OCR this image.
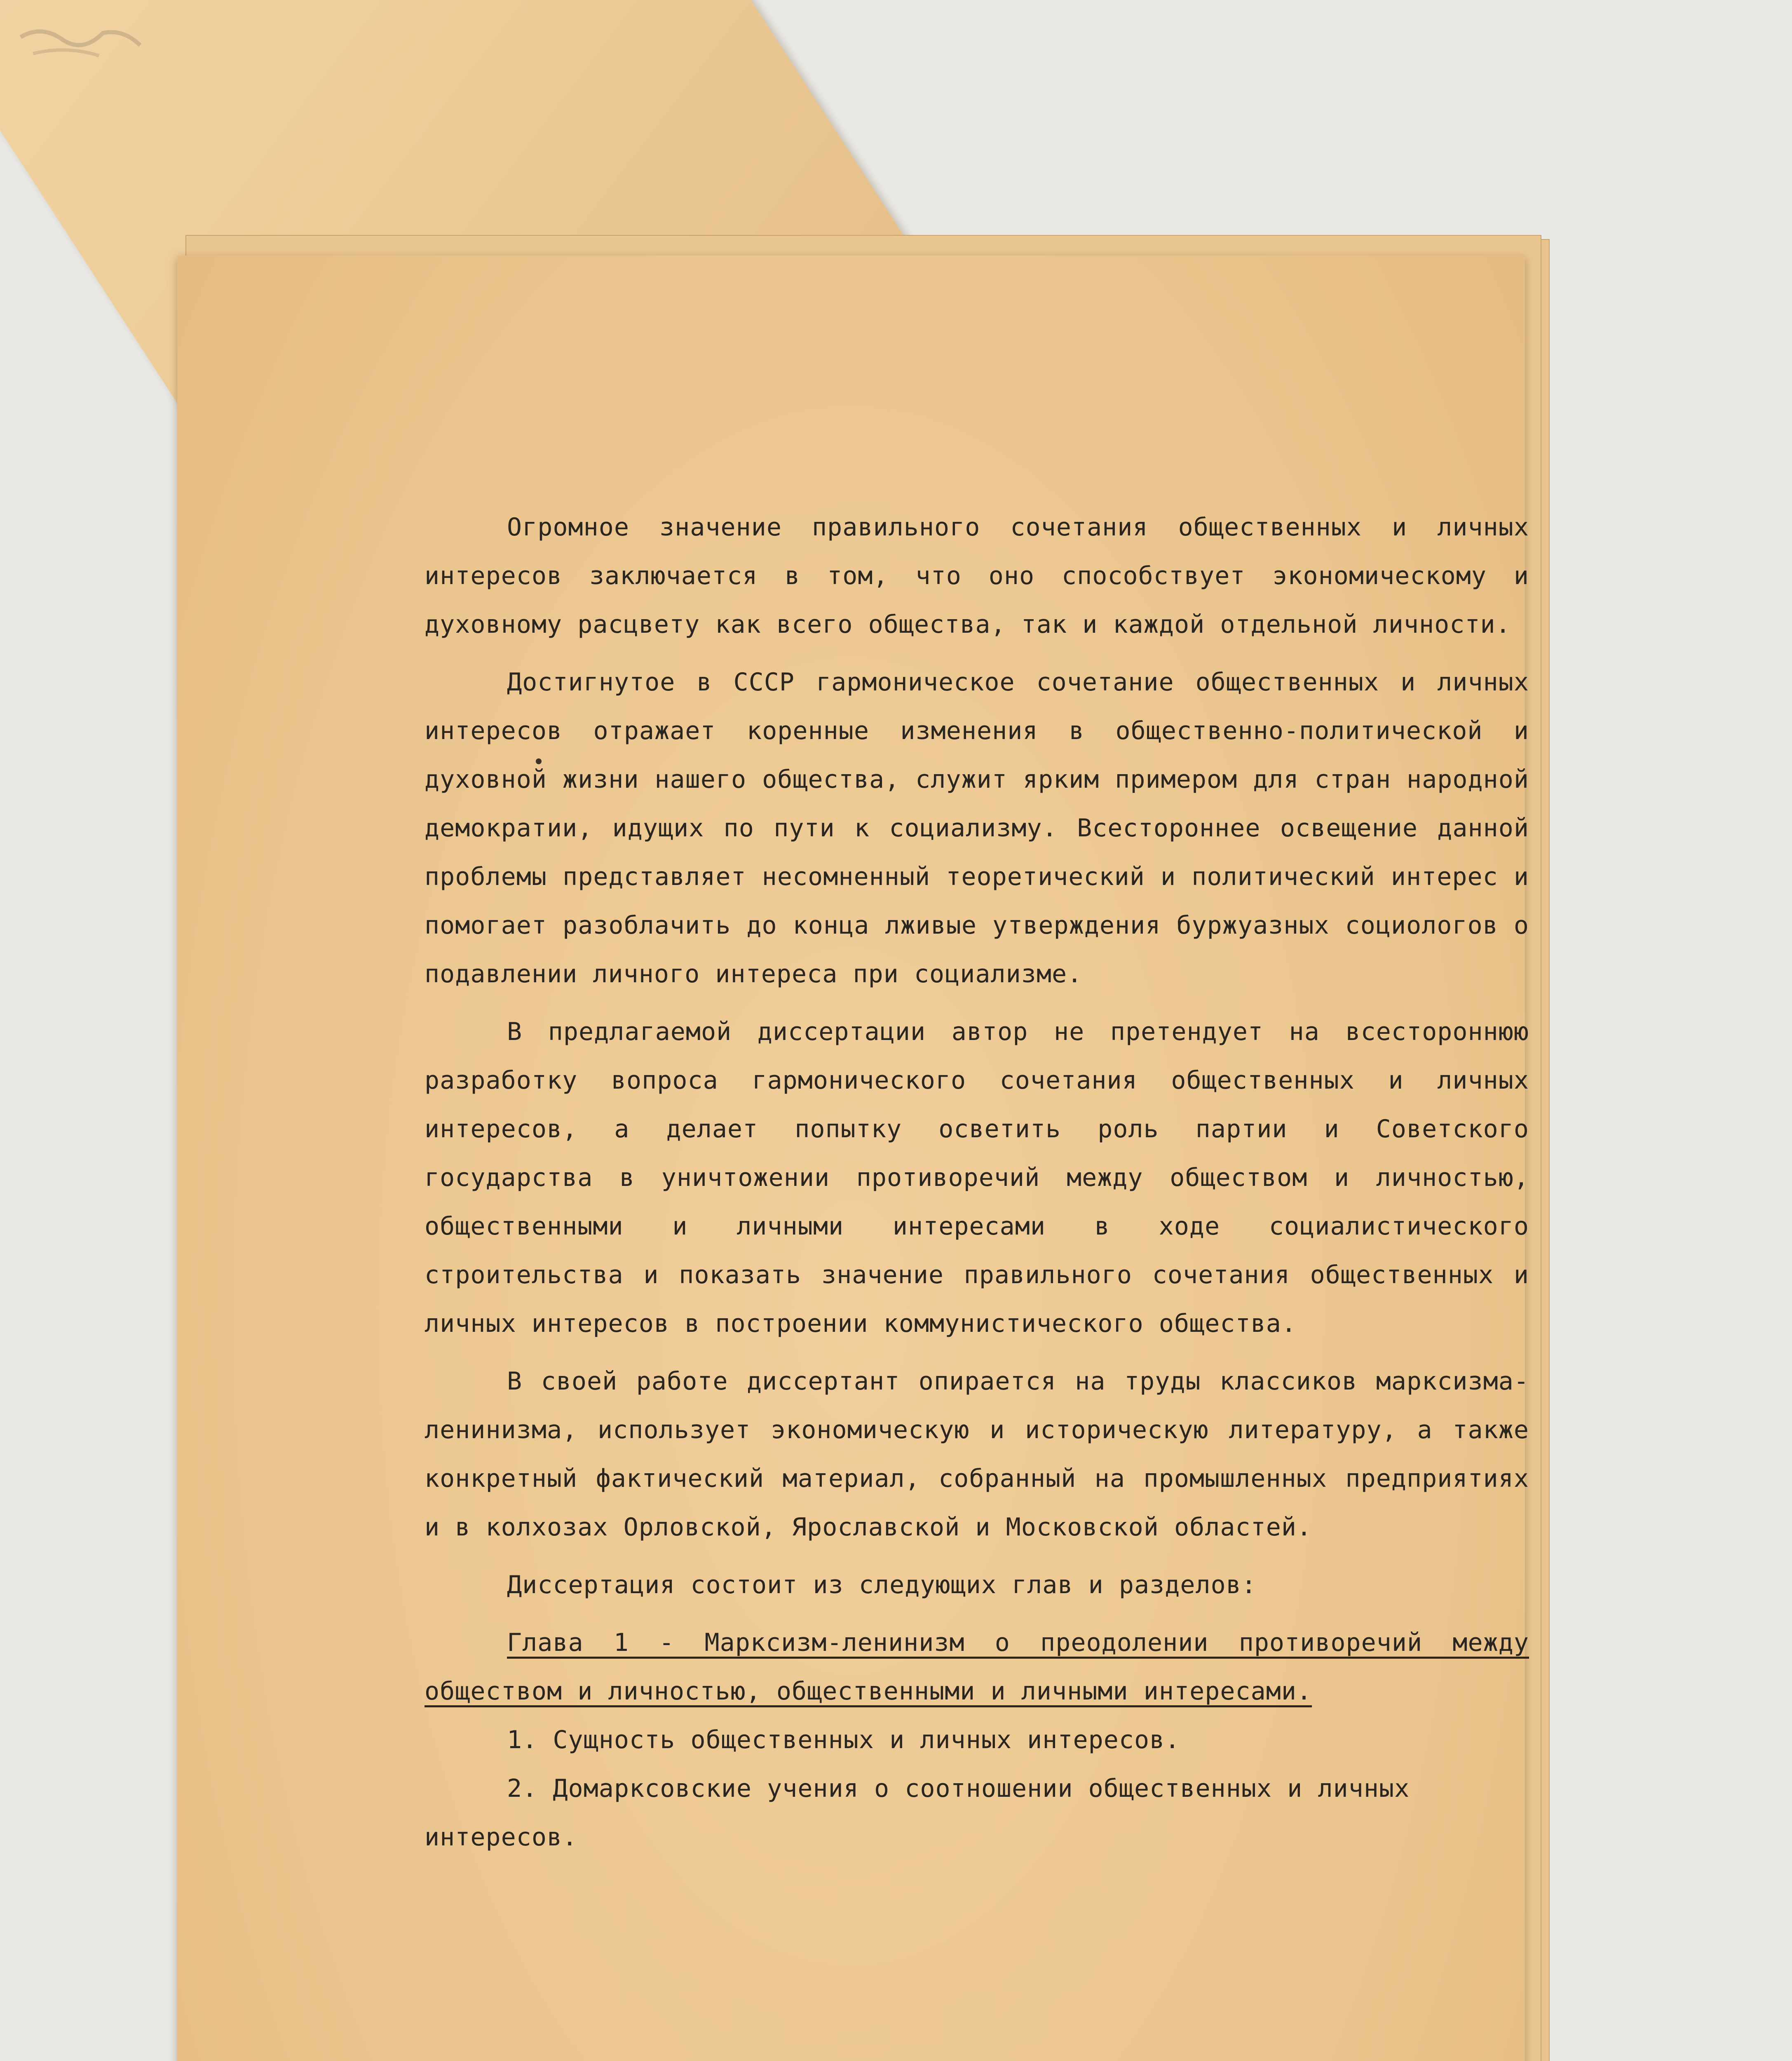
Огромное значение правильного сочетания общественных и личных интересов заключается в том, что оно способствует экономическому и духовному расцвету как всего общества, так и каждой отдельной личности.

Достигнутое в СССР гармоническое сочетание общественных и личных интересов отражает коренные изменения в общественно-политической и духовной жизни нашего общества, служит ярким примером для стран народной демократии, идущих по пути к социализму. Всестороннее освещение данной проблемы представляет несомненный теоретический и политический интерес и помогает разоблачить до конца лживые утверждения буржуазных социологов о подавлении личного интереса при социализме.

В предлагаемой диссертации автор не претендует на всестороннюю разработку вопроса гармонического сочетания общественных и личных интересов, а делает попытку осветить роль партии и Советского государства в уничтожении противоречий между обществом и личностью, общественными и личными интересами в ходе социалистического строительства и показать значение правильного сочетания общественных и личных интересов в построении коммунистического общества.

В своей работе диссертант опирается на труды классиков марксизма-ленинизма, использует экономическую и историческую литературу, а также конкретный фактический материал, собранный на промышленных предприятиях и в колхозах Орловской, Ярославской и Московской областей.

Диссертация состоит из следующих глав и разделов:

Глава 1 - Марксизм-ленинизм о преодолении противоречий между обществом и личностью, общественными и личными интересами.

1. Сущность общественных и личных интересов.

2. Домарксовские учения о соотношении общественных и личных интересов.
